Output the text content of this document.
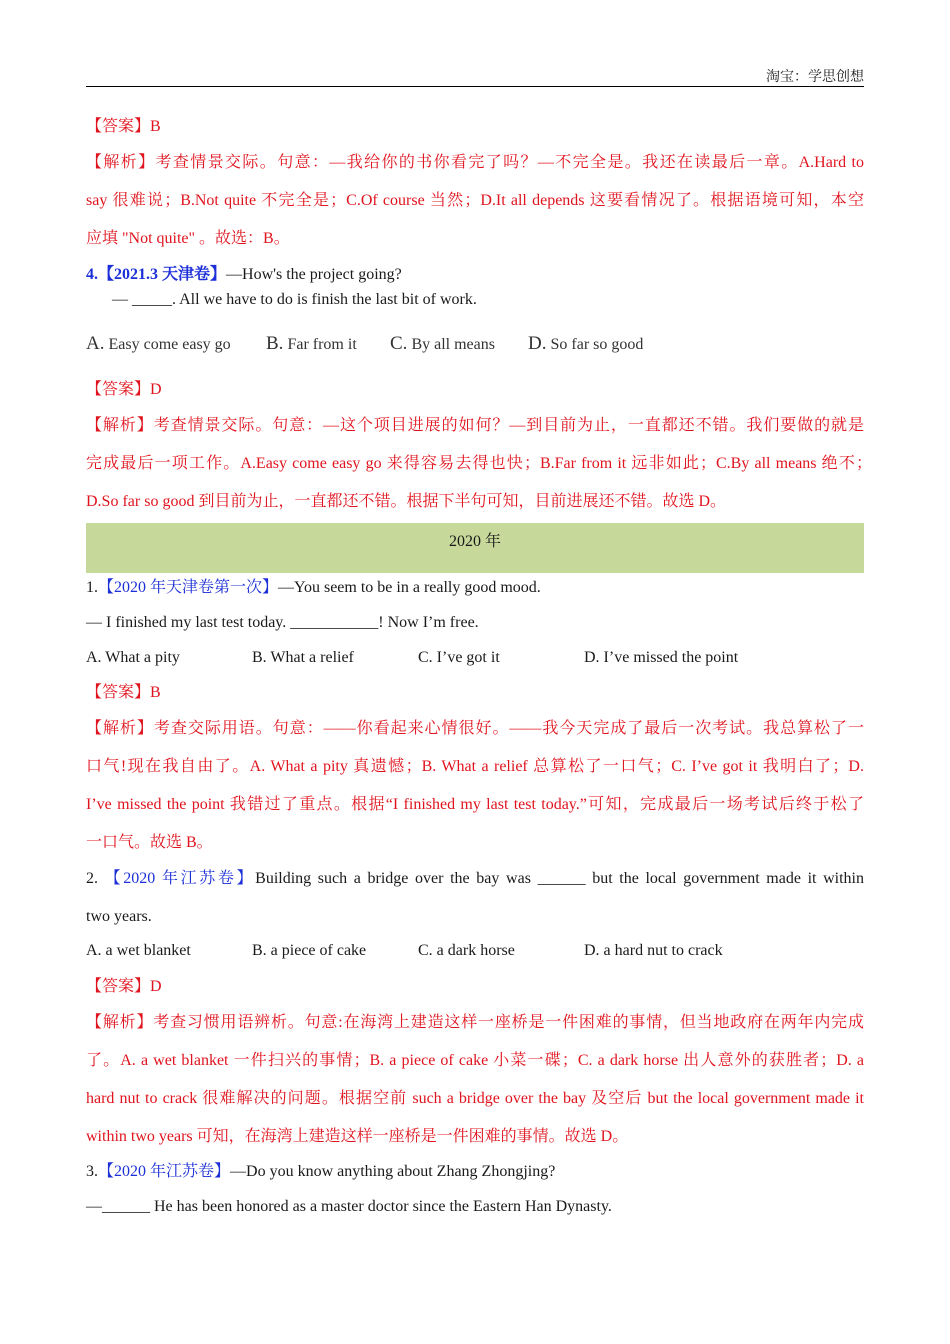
淘宝：学思创想
【答案】B
【解析】考查情景交际。句意：—我给你的书你看完了吗？—不完全是。我还在读最后一章。A.Hard to
say 很难说；B.Not quite 不完全是；C.Of course 当然；D.It all depends 这要看情况了。根据语境可知，本空
应填 "Not quite" 。故选：B。
4.【2021.3 天津卷】—How's the project going?
— _____. All we have to do is finish the last bit of work.
A. Easy come easy go B. Far from it C. By all means D. So far so good
【答案】D
【解析】考查情景交际。句意：—这个项目进展的如何？—到目前为止，一直都还不错。我们要做的就是
完成最后一项工作。A.Easy come easy go 来得容易去得也快；B.Far from it 远非如此；C.By all means 绝不；
D.So far so good 到目前为止，一直都还不错。根据下半句可知，目前进展还不错。故选 D。
2020 年
1.【2020 年天津卷第一次】—You seem to be in a really good mood.
— I finished my last test today. ___________! Now I’m free.
A. What a pity	B. What a relief	C. I’ve got it	D. I’ve missed the point
【答案】B
【解析】考查交际用语。句意：——你看起来心情很好。——我今天完成了最后一次考试。我总算松了一
口气!现在我自由了。A. What a pity 真遗憾；B. What a relief 总算松了一口气；C. I’ve got it 我明白了；D.
I’ve missed the point 我错过了重点。根据“I finished my last test today.”可知，完成最后一场考试后终于松了
一口气。故选 B。
2. 【2020 年江苏卷】Building such a bridge over the bay was ______ but the local government made it within
two years.
A. a wet blanket	B. a piece of cake	C. a dark horse	D. a hard nut to crack
【答案】D
【解析】考查习惯用语辨析。句意:在海湾上建造这样一座桥是一件困难的事情，但当地政府在两年内完成
了。A. a wet blanket 一件扫兴的事情；B. a piece of cake 小菜一碟；C. a dark horse 出人意外的获胜者；D. a
hard nut to crack 很难解决的问题。根据空前 such a bridge over the bay 及空后 but the local government made it
within two years 可知，在海湾上建造这样一座桥是一件困难的事情。故选 D。
3.【2020 年江苏卷】—Do you know anything about Zhang Zhongjing?
—______ He has been honored as a master doctor since the Eastern Han Dynasty.
